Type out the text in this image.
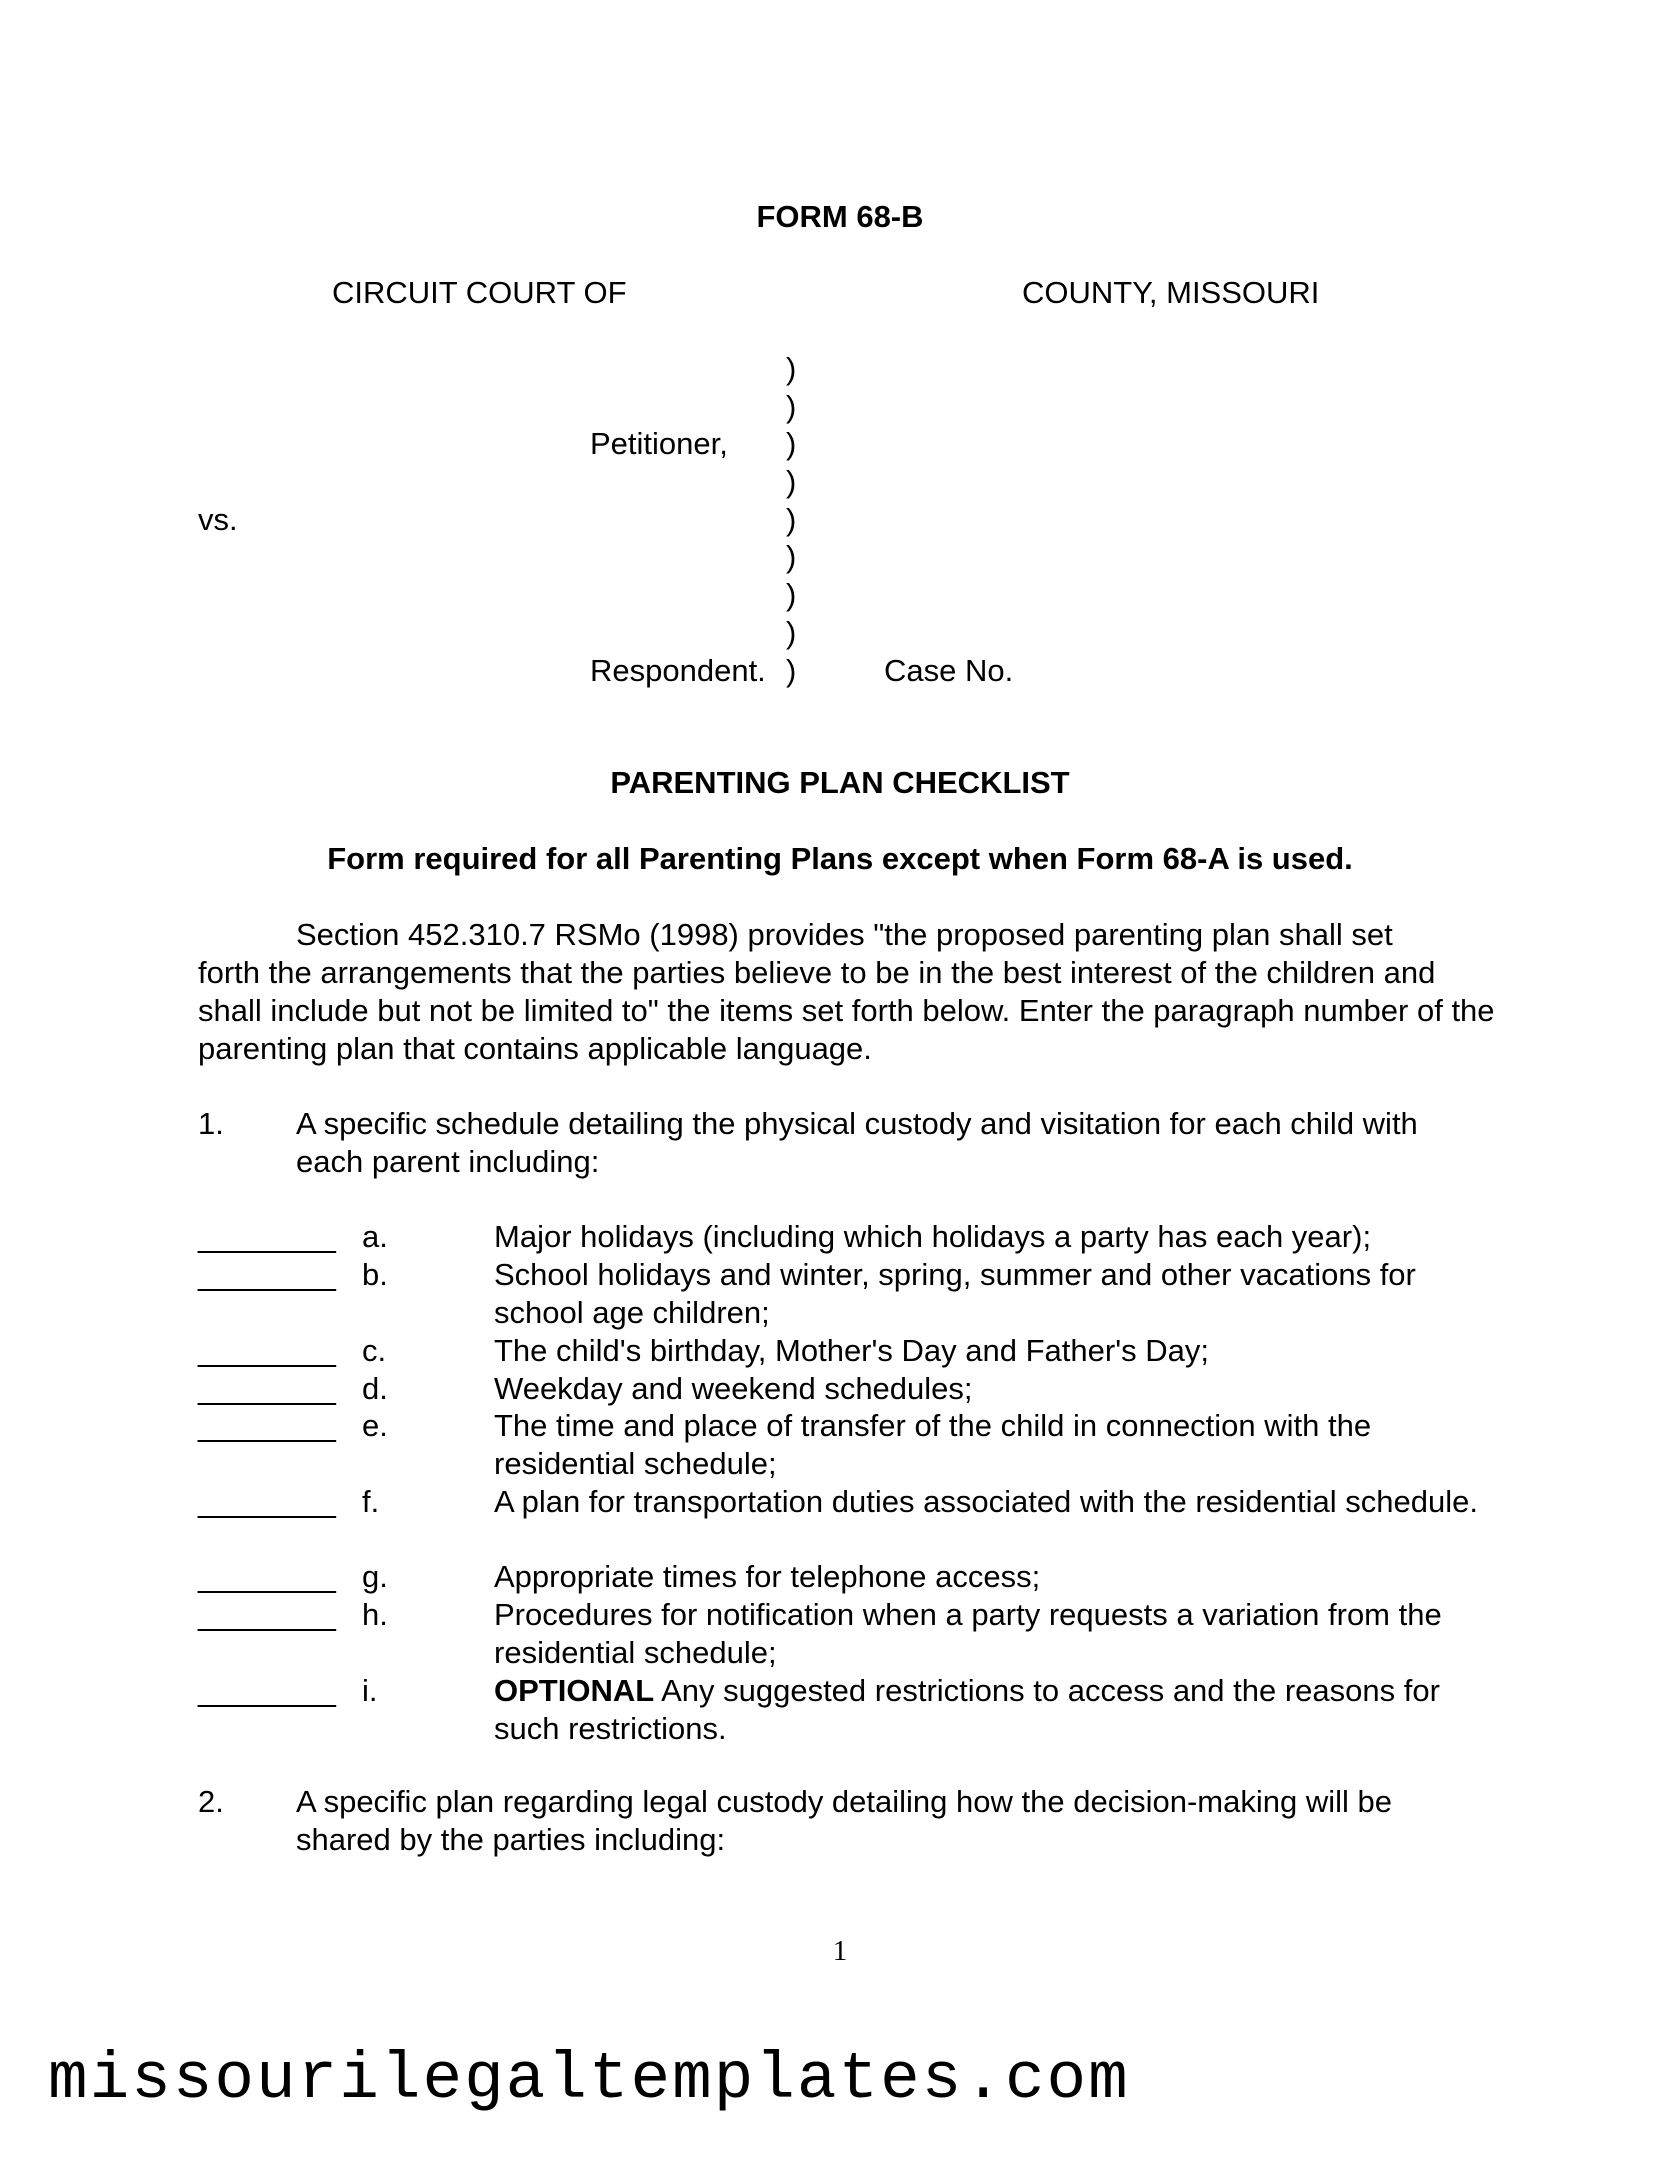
FORM 68-B
CIRCUIT COURT OF	COUNTY, MISSOURI
)
)
Petitioner, )
)
vs.	)
)
)
)
Respondent. )	Case No.
PARENTING PLAN CHECKLIST
Form required for all Parenting Plans except when Form 68-A is used.
Section 452.310.7 RSMo (1998) provides "the proposed parenting plan shall set
forth the arrangements that the parties believe to be in the best interest of the children and shall include but not be limited to" the items set forth below. Enter the paragraph number of the parenting plan that contains applicable language.
1. A specific schedule detailing the physical custody and visitation for each child with each parent including:
________ a.	Major holidays (including which holidays a party has each year);
________ b.	School holidays and winter, spring, summer and other vacations for school age children;
________ c.	The child's birthday, Mother's Day and Father's Day;
________ d.	Weekday and weekend schedules;
________ e.	The time and place of transfer of the child in connection with the residential schedule;
________ f.	A plan for transportation duties associated with the residential schedule.
________ g.	Appropriate times for telephone access;
________ h.	Procedures for notification when a party requests a variation from the residential schedule;
________ i.	OPTIONAL Any suggested restrictions to access and the reasons for such restrictions.
2. A specific plan regarding legal custody detailing how the decision-making will be shared by the parties including:
1
missourilegaltemplates.com
